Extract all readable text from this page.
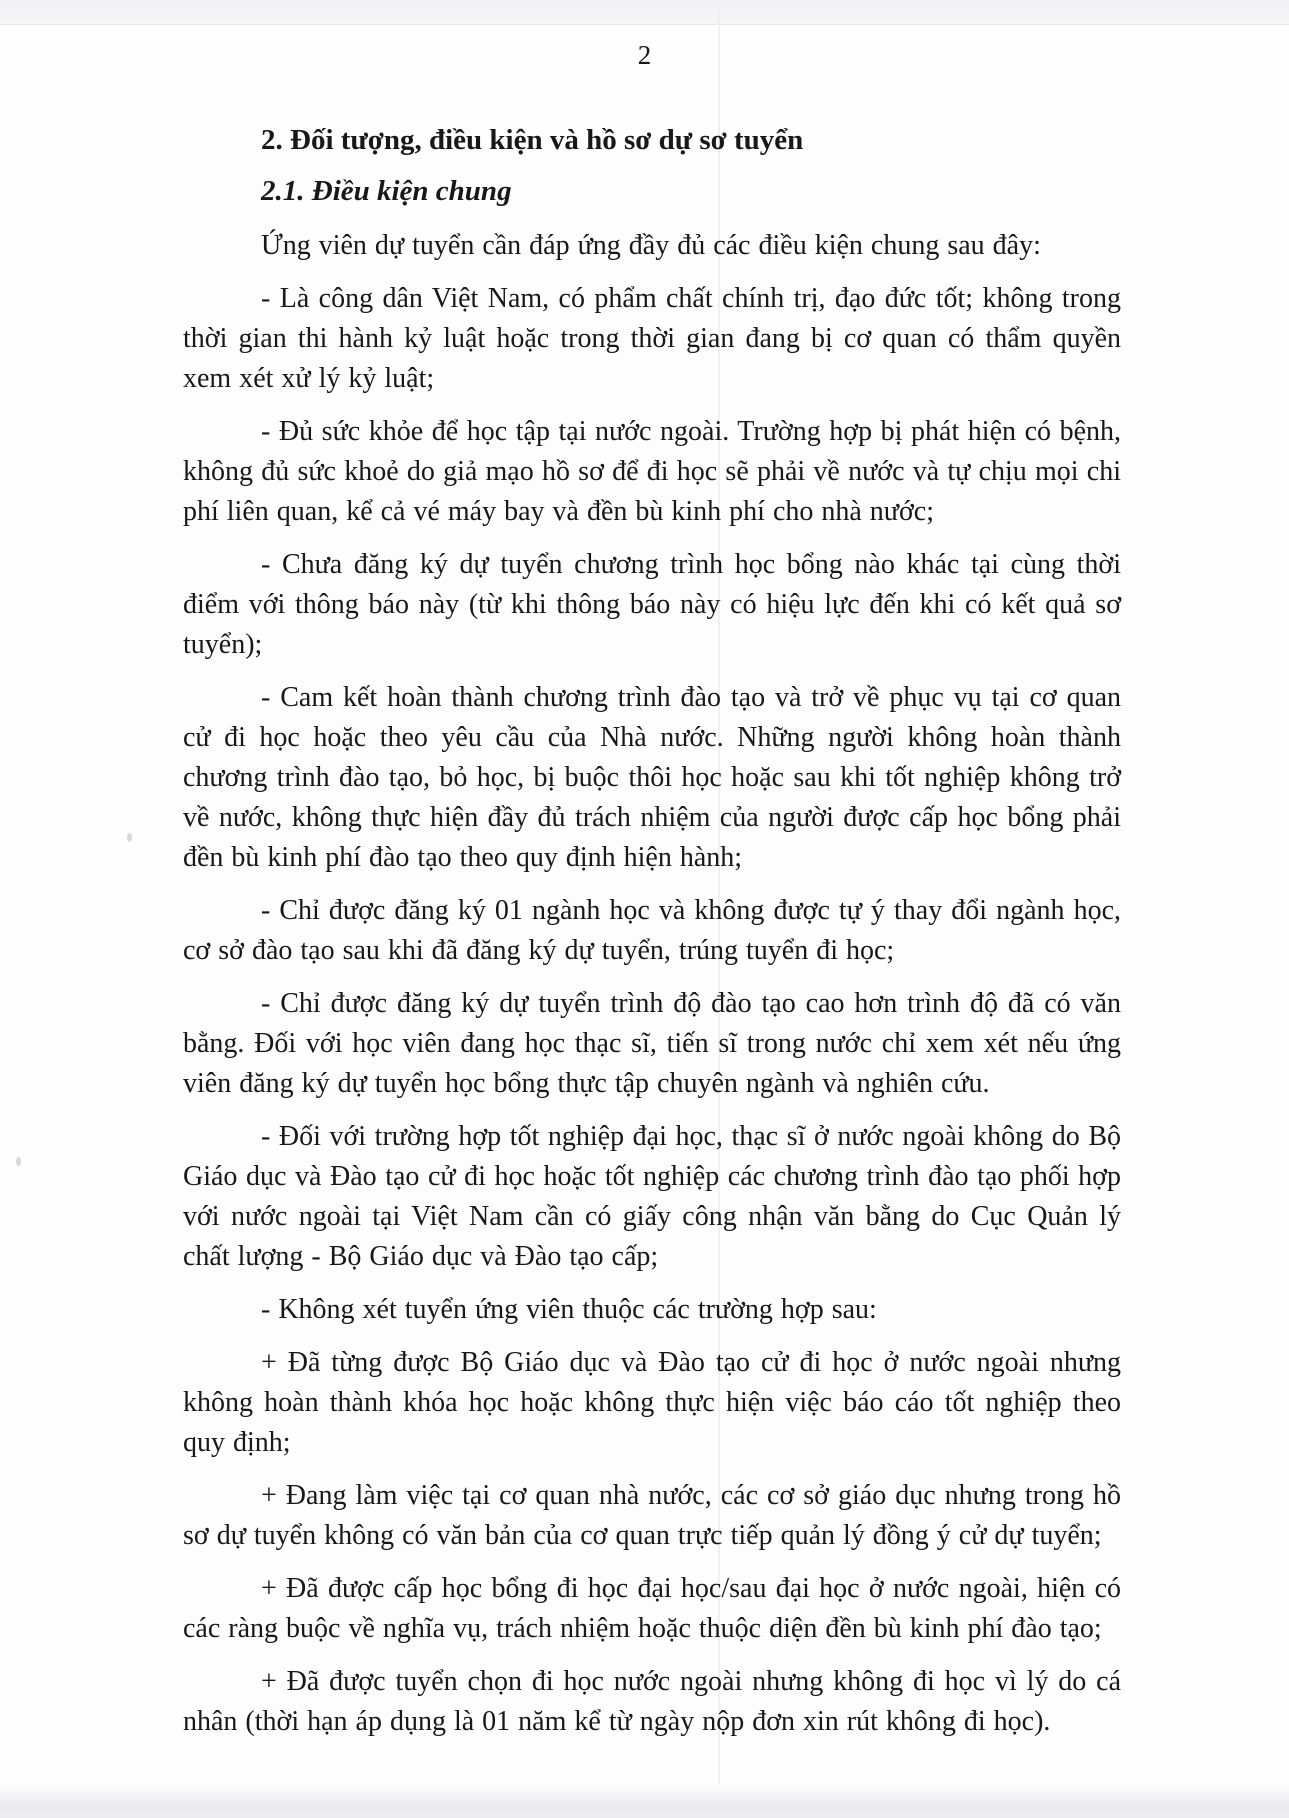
2
2. Đối tượng, điều kiện và hồ sơ dự sơ tuyển
2.1. Điều kiện chung

Ứng viên dự tuyển cần đáp ứng đầy đủ các điều kiện chung sau đây:

- Là công dân Việt Nam, có phẩm chất chính trị, đạo đức tốt; không trong thời gian thi hành kỷ luật hoặc trong thời gian đang bị cơ quan có thẩm quyền xem xét xử lý kỷ luật;

- Đủ sức khỏe để học tập tại nước ngoài. Trường hợp bị phát hiện có bệnh, không đủ sức khoẻ do giả mạo hồ sơ để đi học sẽ phải về nước và tự chịu mọi chi phí liên quan, kể cả vé máy bay và đền bù kinh phí cho nhà nước;

- Chưa đăng ký dự tuyển chương trình học bổng nào khác tại cùng thời điểm với thông báo này (từ khi thông báo này có hiệu lực đến khi có kết quả sơ tuyển);

- Cam kết hoàn thành chương trình đào tạo và trở về phục vụ tại cơ quan cử đi học hoặc theo yêu cầu của Nhà nước. Những người không hoàn thành chương trình đào tạo, bỏ học, bị buộc thôi học hoặc sau khi tốt nghiệp không trở về nước, không thực hiện đầy đủ trách nhiệm của người được cấp học bổng phải đền bù kinh phí đào tạo theo quy định hiện hành;

- Chỉ được đăng ký 01 ngành học và không được tự ý thay đổi ngành học, cơ sở đào tạo sau khi đã đăng ký dự tuyển, trúng tuyển đi học;

- Chỉ được đăng ký dự tuyển trình độ đào tạo cao hơn trình độ đã có văn bằng. Đối với học viên đang học thạc sĩ, tiến sĩ trong nước chỉ xem xét nếu ứng viên đăng ký dự tuyển học bổng thực tập chuyên ngành và nghiên cứu.

- Đối với trường hợp tốt nghiệp đại học, thạc sĩ ở nước ngoài không do Bộ Giáo dục và Đào tạo cử đi học hoặc tốt nghiệp các chương trình đào tạo phối hợp với nước ngoài tại Việt Nam cần có giấy công nhận văn bằng do Cục Quản lý chất lượng - Bộ Giáo dục và Đào tạo cấp;

- Không xét tuyển ứng viên thuộc các trường hợp sau:

+ Đã từng được Bộ Giáo dục và Đào tạo cử đi học ở nước ngoài nhưng không hoàn thành khóa học hoặc không thực hiện việc báo cáo tốt nghiệp theo quy định;

+ Đang làm việc tại cơ quan nhà nước, các cơ sở giáo dục nhưng trong hồ sơ dự tuyển không có văn bản của cơ quan trực tiếp quản lý đồng ý cử dự tuyển;

+ Đã được cấp học bổng đi học đại học/sau đại học ở nước ngoài, hiện có các ràng buộc về nghĩa vụ, trách nhiệm hoặc thuộc diện đền bù kinh phí đào tạo;

+ Đã được tuyển chọn đi học nước ngoài nhưng không đi học vì lý do cá nhân (thời hạn áp dụng là 01 năm kể từ ngày nộp đơn xin rút không đi học).
